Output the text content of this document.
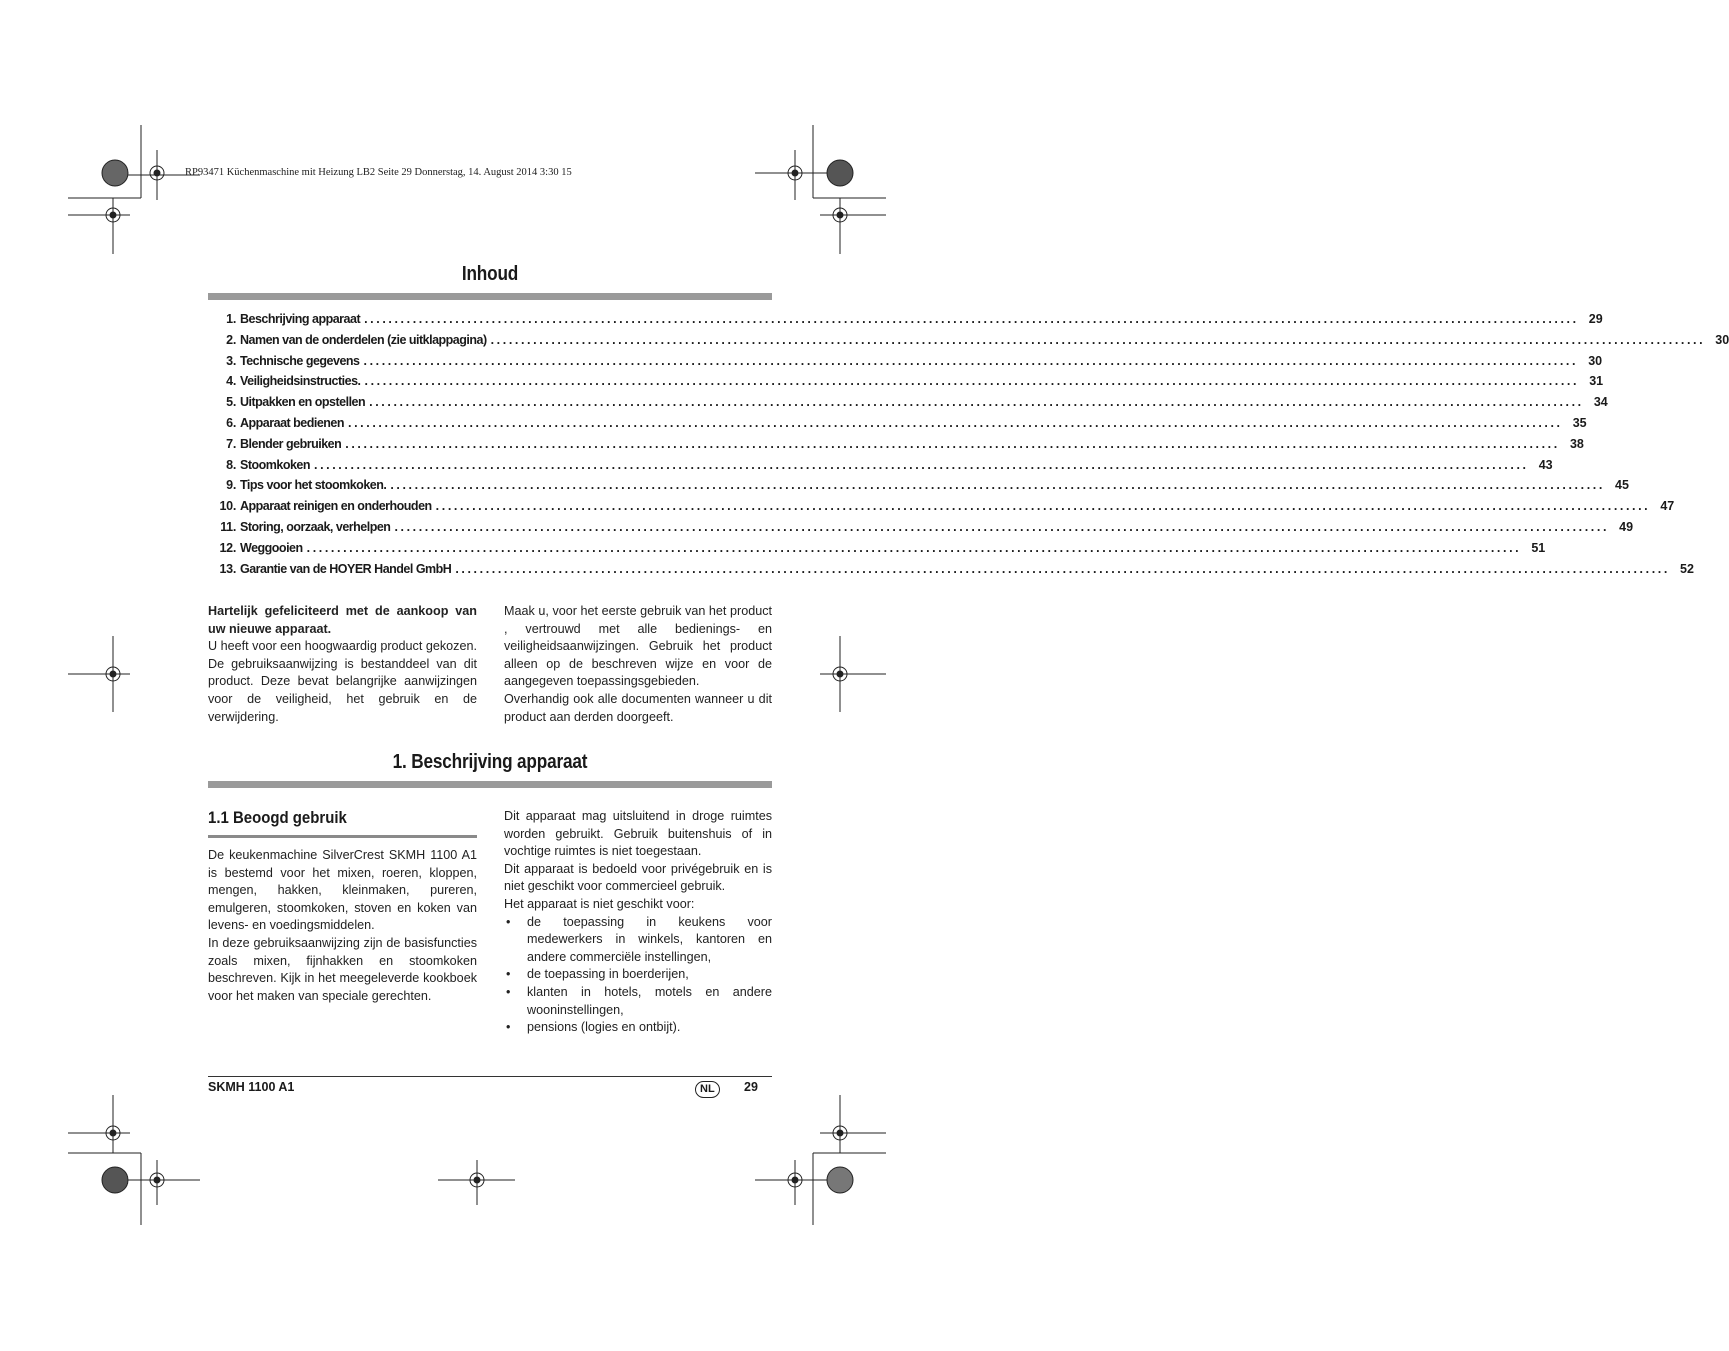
RP93471 Küchenmaschine mit Heizung LB2 Seite 29 Donnerstag, 14. August 2014 3:30 15
Inhoud
1. Beschrijving apparaat ........................................................................................................................................................................................................ 29
2. Namen van de onderdelen (zie uitklappagina) ........................................................................................................................................................................................................ 30
3. Technische gegevens ........................................................................................................................................................................................................ 30
4. Veiligheidsinstructies. ........................................................................................................................................................................................................ 31
5. Uitpakken en opstellen ........................................................................................................................................................................................................ 34
6. Apparaat bedienen ........................................................................................................................................................................................................ 35
7. Blender gebruiken ........................................................................................................................................................................................................ 38
8. Stoomkoken ........................................................................................................................................................................................................ 43
9. Tips voor het stoomkoken. ........................................................................................................................................................................................................ 45
10. Apparaat reinigen en onderhouden ........................................................................................................................................................................................................ 47
11. Storing, oorzaak, verhelpen ........................................................................................................................................................................................................ 49
12. Weggooien ........................................................................................................................................................................................................ 51
13. Garantie van de HOYER Handel GmbH ........................................................................................................................................................................................................ 52

Hartelijk gefeliciteerd met de aankoop van uw nieuwe apparaat.

U heeft voor een hoogwaardig product gekozen. De gebruiksaanwijzing is bestanddeel van dit product. Deze bevat belangrijke aanwijzingen voor de veiligheid, het gebruik en de verwijdering.

Maak u, voor het eerste gebruik van het product , vertrouwd met alle bedienings- en veiligheidsaanwijzingen. Gebruik het product alleen op de beschreven wijze en voor de aangegeven toepassingsgebieden.

Overhandig ook alle documenten wanneer u dit product aan derden doorgeeft.

1. Beschrijving apparaat
1.1 Beoogd gebruik

De keukenmachine SilverCrest SKMH 1100 A1 is bestemd voor het mixen, roeren, kloppen, mengen, hakken, kleinmaken, pureren, emulgeren, stoomkoken, stoven en koken van levens- en voedingsmiddelen.

In deze gebruiksaanwijzing zijn de basisfuncties zoals mixen, fijnhakken en stoomkoken beschreven. Kijk in het meegeleverde kookboek voor het maken van speciale gerechten.

Dit apparaat mag uitsluitend in droge ruimtes worden gebruikt. Gebruik buitenshuis of in vochtige ruimtes is niet toegestaan.

Dit apparaat is bedoeld voor privégebruik en is niet geschikt voor commercieel gebruik.

Het apparaat is niet geschikt voor:

• de toepassing in keukens voor medewerkers in winkels, kantoren en andere commerciële instellingen,
• de toepassing in boerderijen,
• klanten in hotels, motels en andere wooninstellingen,
• pensions (logies en ontbijt).
SKMH 1100 A1	NL	29
